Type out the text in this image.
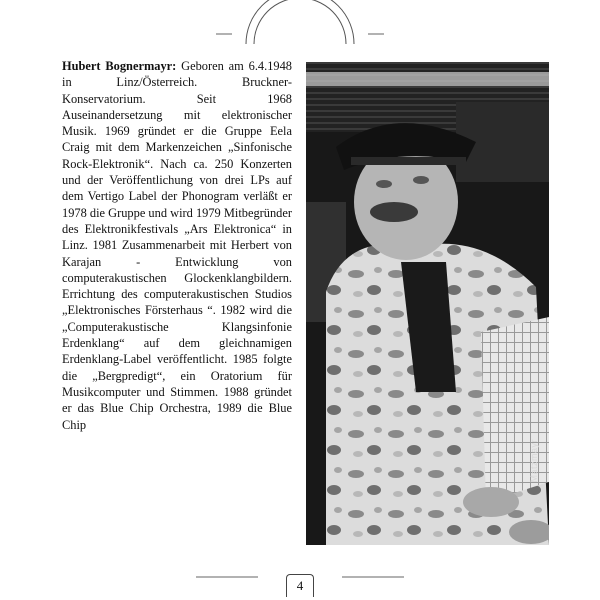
Hubert Bognermayr: Geboren am 6.4.1948 in Linz/Österreich. Bruckner-Konservatorium. Seit 1968 Auseinandersetzung mit elektronischer Musik. 1969 gründet er die Gruppe Eela Craig mit dem Markenzeichen „Sinfonische Rock-Elektronik“. Nach ca. 250 Konzerten und der Veröffentlichung von drei LPs auf dem Vertigo Label der Phonogram verläßt er 1978 die Gruppe und wird 1979 Mitbegründer des Elektronikfestivals „Ars Elektronica“ in Linz. 1981 Zusammenarbeit mit Herbert von Karajan - Entwicklung von computerakustischen Glockenklangbildern. Errichtung des computerakustischen Studios „Elektronisches Försterhaus “. 1982 wird die „Computerakustische Klangsinfonie Erdenklang“ auf dem gleichnamigen Erdenklang-Label veröffentlicht. 1985 folgte die „Bergpredigt“, ein Oratorium für Musikcomputer und Stimmen. 1988 gründet er das Blue Chip Orchestra, 1989 die Blue Chip

Matzmayr
4
